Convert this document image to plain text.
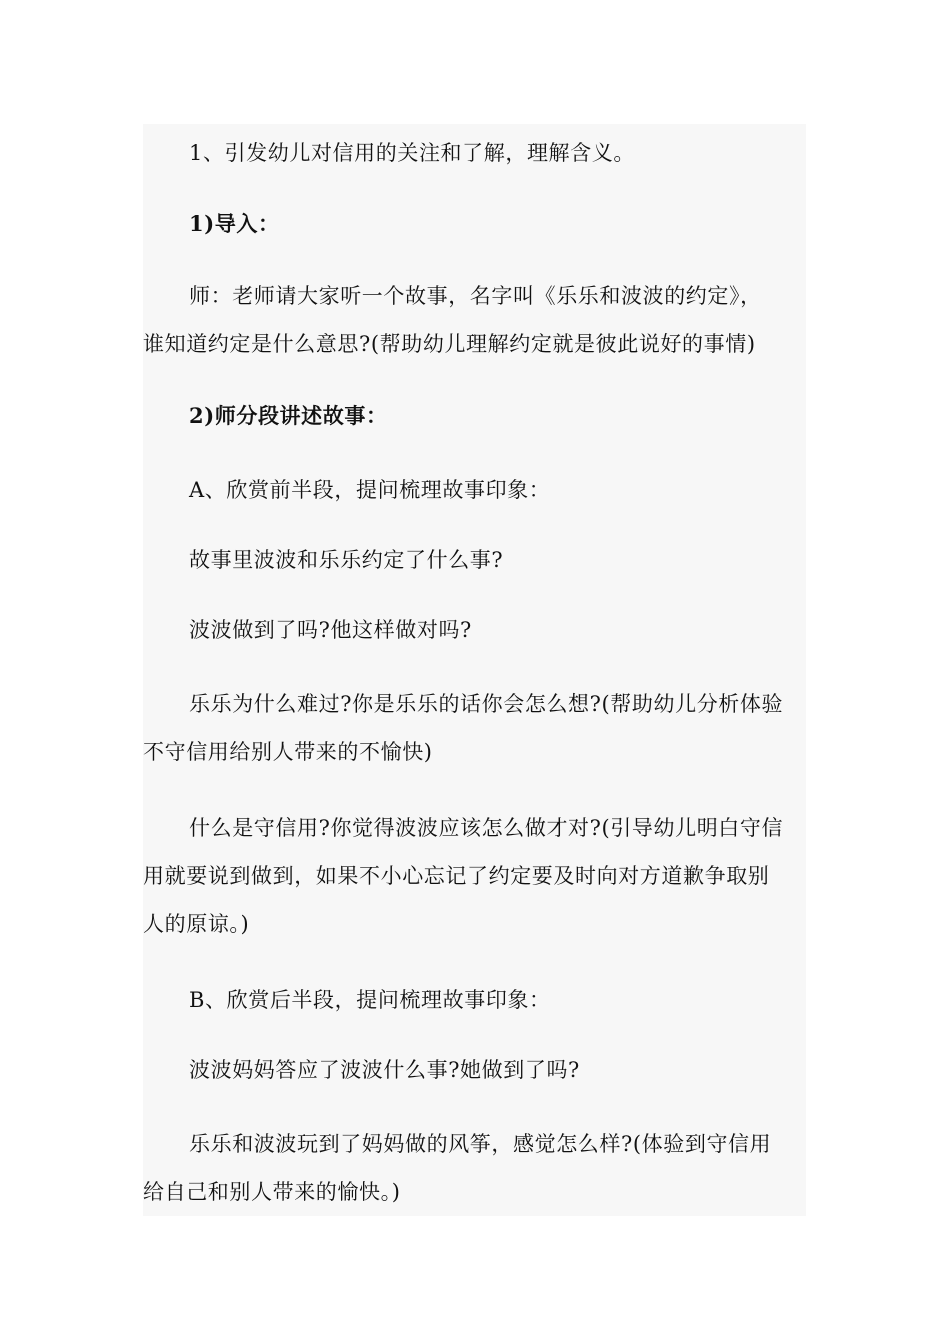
1、引发幼儿对信用的关注和了解，理解含义。

1)导入：

师：老师请大家听一个故事，名字叫《乐乐和波波的约定》，
谁知道约定是什么意思?(帮助幼儿理解约定就是彼此说好的事情)

2)师分段讲述故事：

A、欣赏前半段，提问梳理故事印象：

故事里波波和乐乐约定了什么事?

波波做到了吗?他这样做对吗?

乐乐为什么难过?你是乐乐的话你会怎么想?(帮助幼儿分析体验
不守信用给别人带来的不愉快)

什么是守信用?你觉得波波应该怎么做才对?(引导幼儿明白守信
用就要说到做到，如果不小心忘记了约定要及时向对方道歉争取别
人的原谅。)

B、欣赏后半段，提问梳理故事印象：

波波妈妈答应了波波什么事?她做到了吗?

乐乐和波波玩到了妈妈做的风筝，感觉怎么样?(体验到守信用
给自己和别人带来的愉快。)
